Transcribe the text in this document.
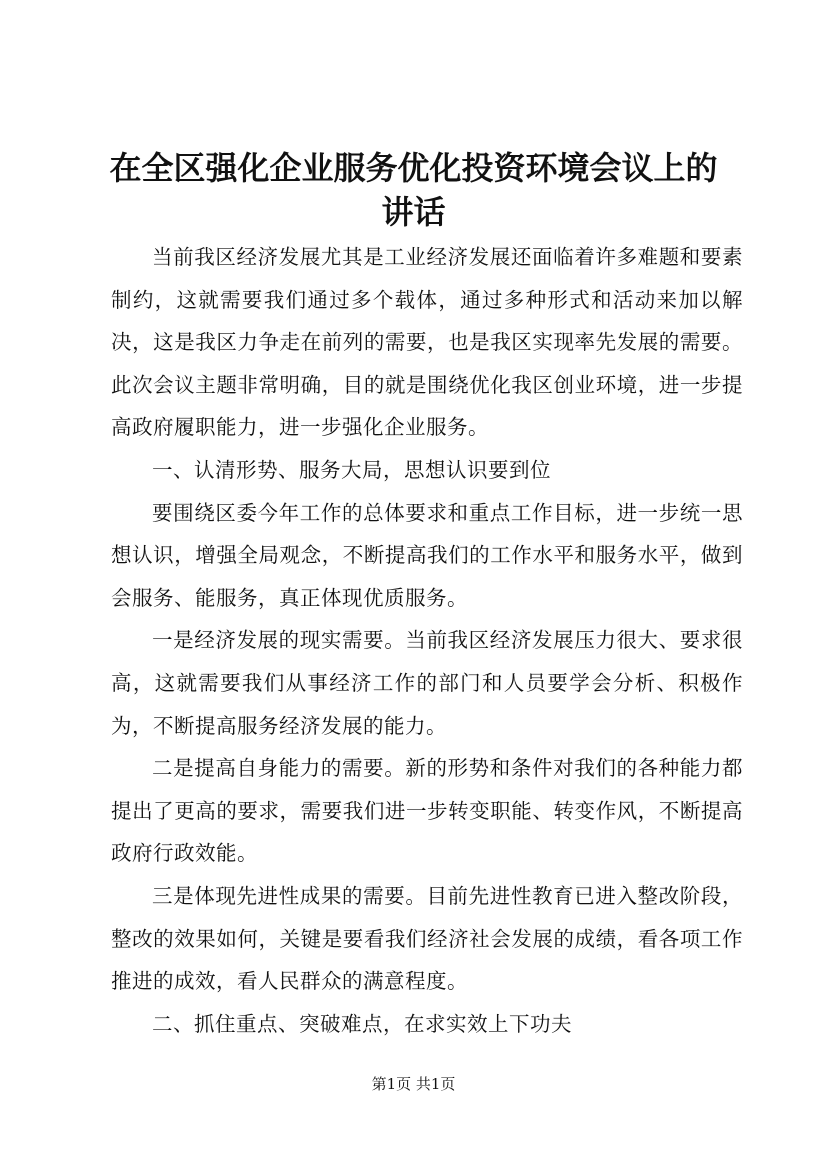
在全区强化企业服务优化投资环境会议上的讲话

当前我区经济发展尤其是工业经济发展还面临着许多难题和要素制约，这就需要我们通过多个载体，通过多种形式和活动来加以解决，这是我区力争走在前列的需要，也是我区实现率先发展的需要。此次会议主题非常明确，目的就是围绕优化我区创业环境，进一步提高政府履职能力，进一步强化企业服务。

一、认清形势、服务大局，思想认识要到位

要围绕区委今年工作的总体要求和重点工作目标，进一步统一思想认识，增强全局观念，不断提高我们的工作水平和服务水平，做到会服务、能服务，真正体现优质服务。

一是经济发展的现实需要。当前我区经济发展压力很大、要求很高，这就需要我们从事经济工作的部门和人员要学会分析、积极作为，不断提高服务经济发展的能力。

二是提高自身能力的需要。新的形势和条件对我们的各种能力都提出了更高的要求，需要我们进一步转变职能、转变作风，不断提高政府行政效能。

三是体现先进性成果的需要。目前先进性教育已进入整改阶段，整改的效果如何，关键是要看我们经济社会发展的成绩，看各项工作推进的成效，看人民群众的满意程度。

二、抓住重点、突破难点，在求实效上下功夫

第1页 共1页
